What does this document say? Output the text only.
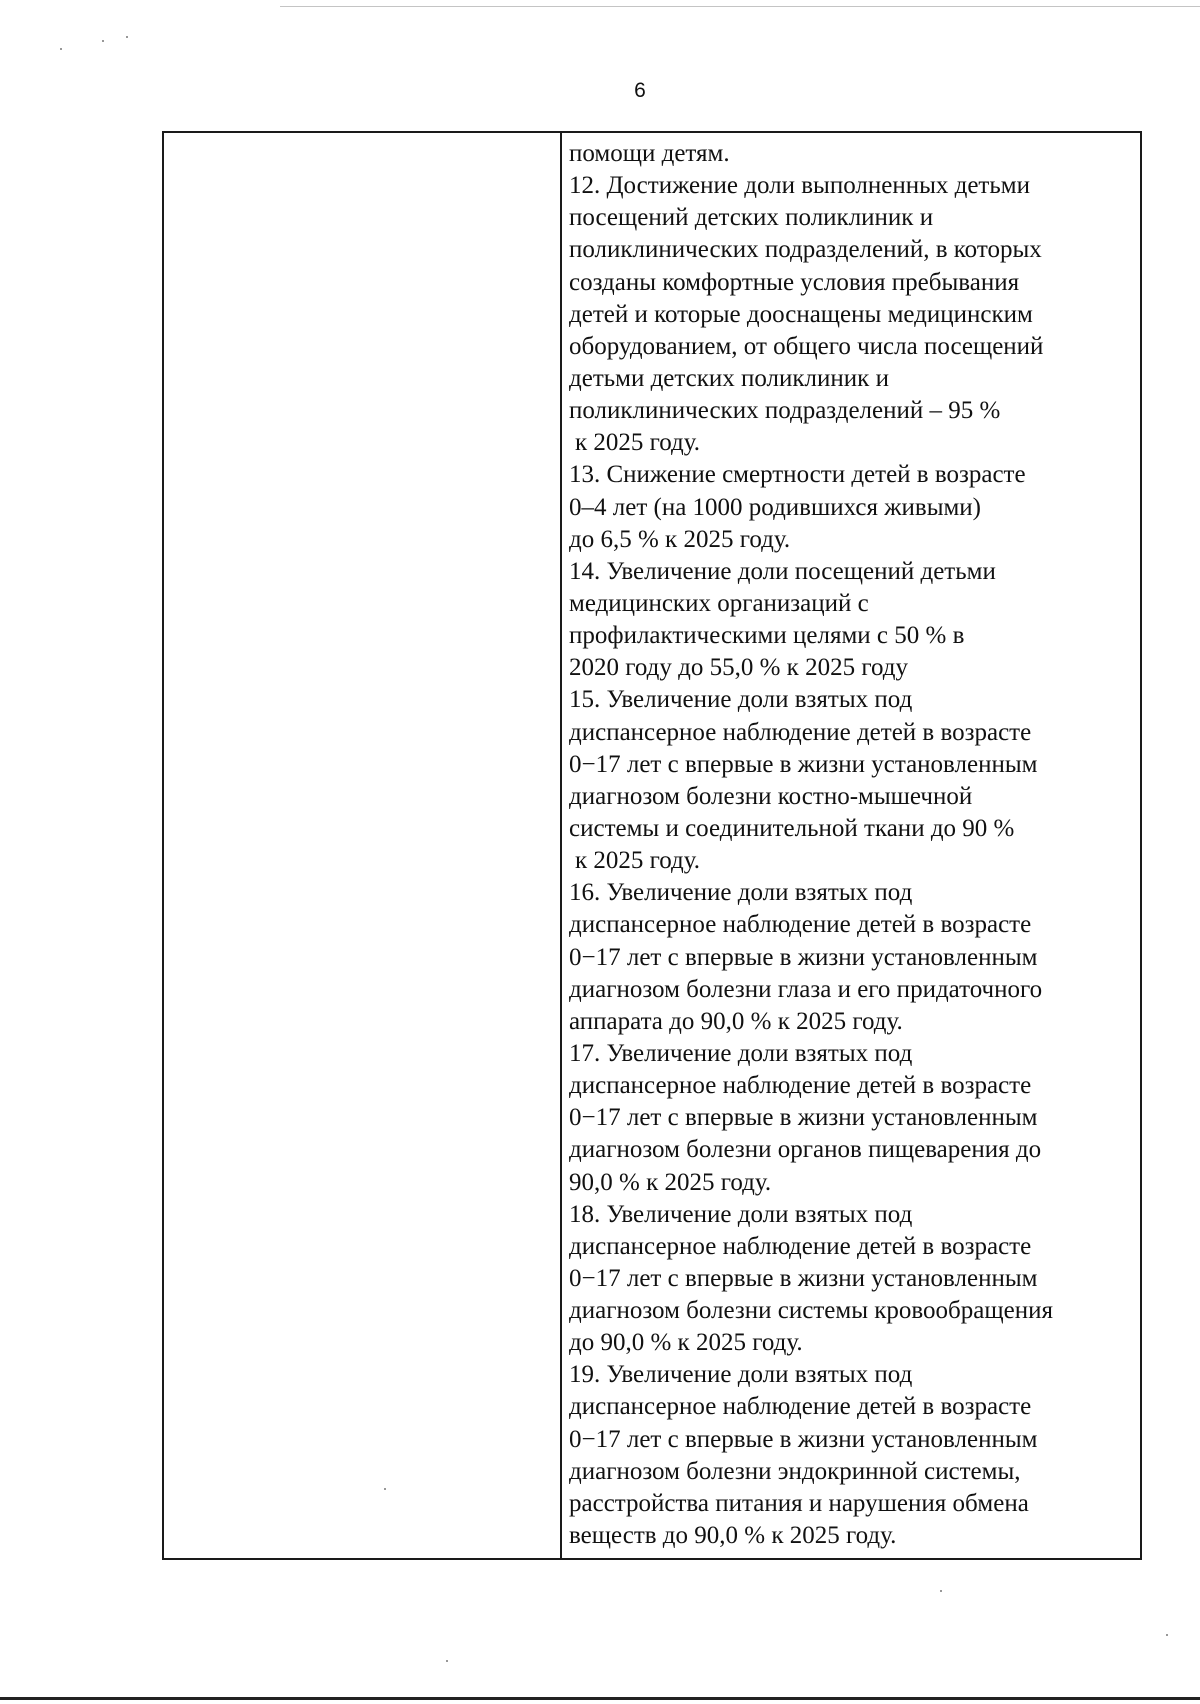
6
помощи детям.
12. Достижение доли выполненных детьми
посещений детских поликлиник и
поликлинических подразделений, в которых
созданы комфортные условия пребывания
детей и которые дооснащены медицинским
оборудованием, от общего числа посещений
детьми детских поликлиник и
поликлинических подразделений – 95 %
к 2025 году.
13. Снижение смертности детей в возрасте
0–4 лет (на 1000 родившихся живыми)
до 6,5 % к 2025 году.
14. Увеличение доли посещений детьми
медицинских организаций с
профилактическими целями с 50 % в
2020 году до 55,0 % к 2025 году
15. Увеличение доли взятых под
диспансерное наблюдение детей в возрасте
0−17 лет с впервые в жизни установленным
диагнозом болезни костно-мышечной
системы и соединительной ткани до 90 %
к 2025 году.
16. Увеличение доли взятых под
диспансерное наблюдение детей в возрасте
0−17 лет с впервые в жизни установленным
диагнозом болезни глаза и его придаточного
аппарата до 90,0 % к 2025 году.
17. Увеличение доли взятых под
диспансерное наблюдение детей в возрасте
0−17 лет с впервые в жизни установленным
диагнозом болезни органов пищеварения до
90,0 % к 2025 году.
18. Увеличение доли взятых под
диспансерное наблюдение детей в возрасте
0−17 лет с впервые в жизни установленным
диагнозом болезни системы кровообращения
до 90,0 % к 2025 году.
19. Увеличение доли взятых под
диспансерное наблюдение детей в возрасте
0−17 лет с впервые в жизни установленным
диагнозом болезни эндокринной системы,
расстройства питания и нарушения обмена
веществ до 90,0 % к 2025 году.
